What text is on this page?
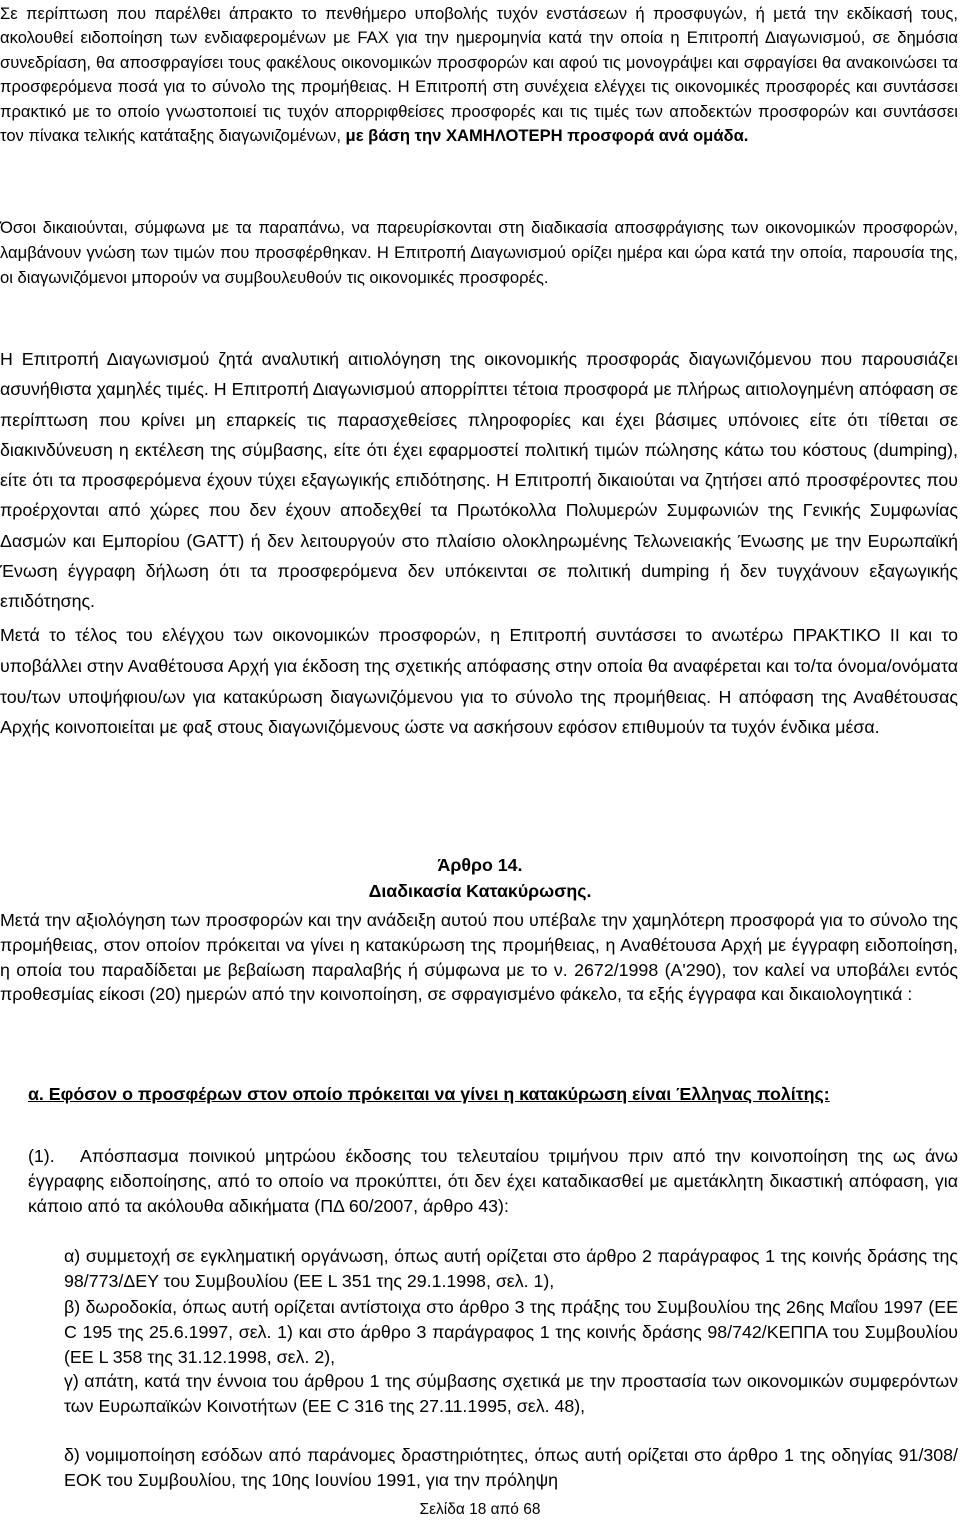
Σε περίπτωση που παρέλθει άπρακτο το πενθήμερο υποβολής τυχόν ενστάσεων ή προσφυγών, ή μετά την εκδίκασή τους, ακολουθεί ειδοποίηση των ενδιαφερομένων με FAX για την ημερομηνία κατά την οποία η Επιτροπή Διαγωνισμού, σε δημόσια συνεδρίαση, θα αποσφραγίσει τους φακέλους οικονομικών προσφορών και αφού τις μονογράψει και σφραγίσει θα ανακοινώσει τα προσφερόμενα ποσά για το σύνολο της προμήθειας. Η Επιτροπή στη συνέχεια ελέγχει τις οικονομικές προσφορές και συντάσσει πρακτικό με το οποίο γνωστοποιεί τις τυχόν απορριφθείσες προσφορές και τις τιμές των αποδεκτών προσφορών και συντάσσει τον πίνακα τελικής κατάταξης διαγωνιζομένων, με βάση την ΧΑΜΗΛΟΤΕΡΗ προσφορά ανά ομάδα.

Όσοι δικαιούνται, σύμφωνα με τα παραπάνω, να παρευρίσκονται στη διαδικασία αποσφράγισης των οικονομικών προσφορών, λαμβάνουν γνώση των τιμών που προσφέρθηκαν. Η Επιτροπή Διαγωνισμού ορίζει ημέρα και ώρα κατά την οποία, παρουσία της, οι διαγωνιζόμενοι μπορούν να συμβουλευθούν τις οικονομικές προσφορές.

Η Επιτροπή Διαγωνισμού ζητά αναλυτική αιτιολόγηση της οικονομικής προσφοράς διαγωνιζόμενου που παρουσιάζει ασυνήθιστα χαμηλές τιμές. Η Επιτροπή Διαγωνισμού απορρίπτει τέτοια προσφορά με πλήρως αιτιολογημένη απόφαση σε περίπτωση που κρίνει μη επαρκείς τις παρασχεθείσες πληροφορίες και έχει βάσιμες υπόνοιες είτε ότι τίθεται σε διακινδύνευση η εκτέλεση της σύμβασης, είτε ότι έχει εφαρμοστεί πολιτική τιμών πώλησης κάτω του κόστους (dumping), είτε ότι τα προσφερόμενα έχουν τύχει εξαγωγικής επιδότησης. Η Επιτροπή δικαιούται να ζητήσει από προσφέροντες που προέρχονται από χώρες που δεν έχουν αποδεχθεί τα Πρωτόκολλα Πολυμερών Συμφωνιών της Γενικής Συμφωνίας Δασμών και Εμπορίου (GATT) ή δεν λειτουργούν στο πλαίσιο ολοκληρωμένης Τελωνειακής Ένωσης με την Ευρωπαϊκή Ένωση έγγραφη δήλωση ότι τα προσφερόμενα δεν υπόκεινται σε πολιτική dumping ή δεν τυγχάνουν εξαγωγικής επιδότησης.

Μετά το τέλος του ελέγχου των οικονομικών προσφορών, η Επιτροπή συντάσσει το ανωτέρω ΠΡΑΚΤΙΚΟ ΙΙ και το υποβάλλει στην Αναθέτουσα Αρχή για έκδοση της σχετικής απόφασης στην οποία θα αναφέρεται και το/τα όνομα/ονόματα του/των υποψήφιου/ων για κατακύρωση διαγωνιζόμενου για το σύνολο της προμήθειας. Η απόφαση της Αναθέτουσας Αρχής κοινοποιείται με φαξ στους διαγωνιζόμενους ώστε να ασκήσουν εφόσον επιθυμούν τα τυχόν ένδικα μέσα.

Άρθρο 14.
Διαδικασία Κατακύρωσης.

Μετά την αξιολόγηση των προσφορών και την ανάδειξη αυτού που υπέβαλε την χαμηλότερη προσφορά για το σύνολο της προμήθειας, στον οποίον πρόκειται να γίνει η κατακύρωση της προμήθειας, η Αναθέτουσα Αρχή με έγγραφη ειδοποίηση, η οποία του παραδίδεται με βεβαίωση παραλαβής ή σύμφωνα με το ν. 2672/1998 (Α'290), τον καλεί να υποβάλει εντός προθεσμίας είκοσι (20) ημερών από την κοινοποίηση, σε σφραγισμένο φάκελο, τα εξής έγγραφα και δικαιολογητικά :

α. Εφόσον ο προσφέρων στον οποίο πρόκειται να γίνει η κατακύρωση είναι Έλληνας πολίτης:
(1).	Απόσπασμα ποινικού μητρώου έκδοσης του τελευταίου τριμήνου πριν από την κοινοποίηση της ως άνω έγγραφης ειδοποίησης, από το οποίο να προκύπτει, ότι δεν έχει καταδικασθεί με αμετάκλητη δικαστική απόφαση, για κάποιο από τα ακόλουθα αδικήματα (ΠΔ 60/2007, άρθρο 43):

α) συμμετοχή σε εγκληματική οργάνωση, όπως αυτή ορίζεται στο άρθρο 2 παράγραφος 1 της κοινής δράσης της 98/773/ΔΕΥ του Συμβουλίου (ΕΕ L 351 της 29.1.1998, σελ. 1),

β) δωροδοκία, όπως αυτή ορίζεται αντίστοιχα στο άρθρο 3 της πράξης του Συμβουλίου της 26ης Μαΐου 1997 (ΕΕ C 195 της 25.6.1997, σελ. 1) και στο άρθρο 3 παράγραφος 1 της κοινής δράσης 98/742/ΚΕΠΠΑ του Συμβουλίου (ΕΕ L 358 της 31.12.1998, σελ. 2),

γ) απάτη, κατά την έννοια του άρθρου 1 της σύμβασης σχετικά με την προστασία των οικονομικών συμφερόντων των Ευρωπαϊκών Κοινοτήτων (ΕΕ C 316 της 27.11.1995, σελ. 48),

δ) νομιμοποίηση εσόδων από παράνομες δραστηριότητες, όπως αυτή ορίζεται στο άρθρο 1 της οδηγίας 91/308/ ΕΟΚ του Συμβουλίου, της 10ης Ιουνίου 1991, για την πρόληψη

Σελίδα 18 από 68
